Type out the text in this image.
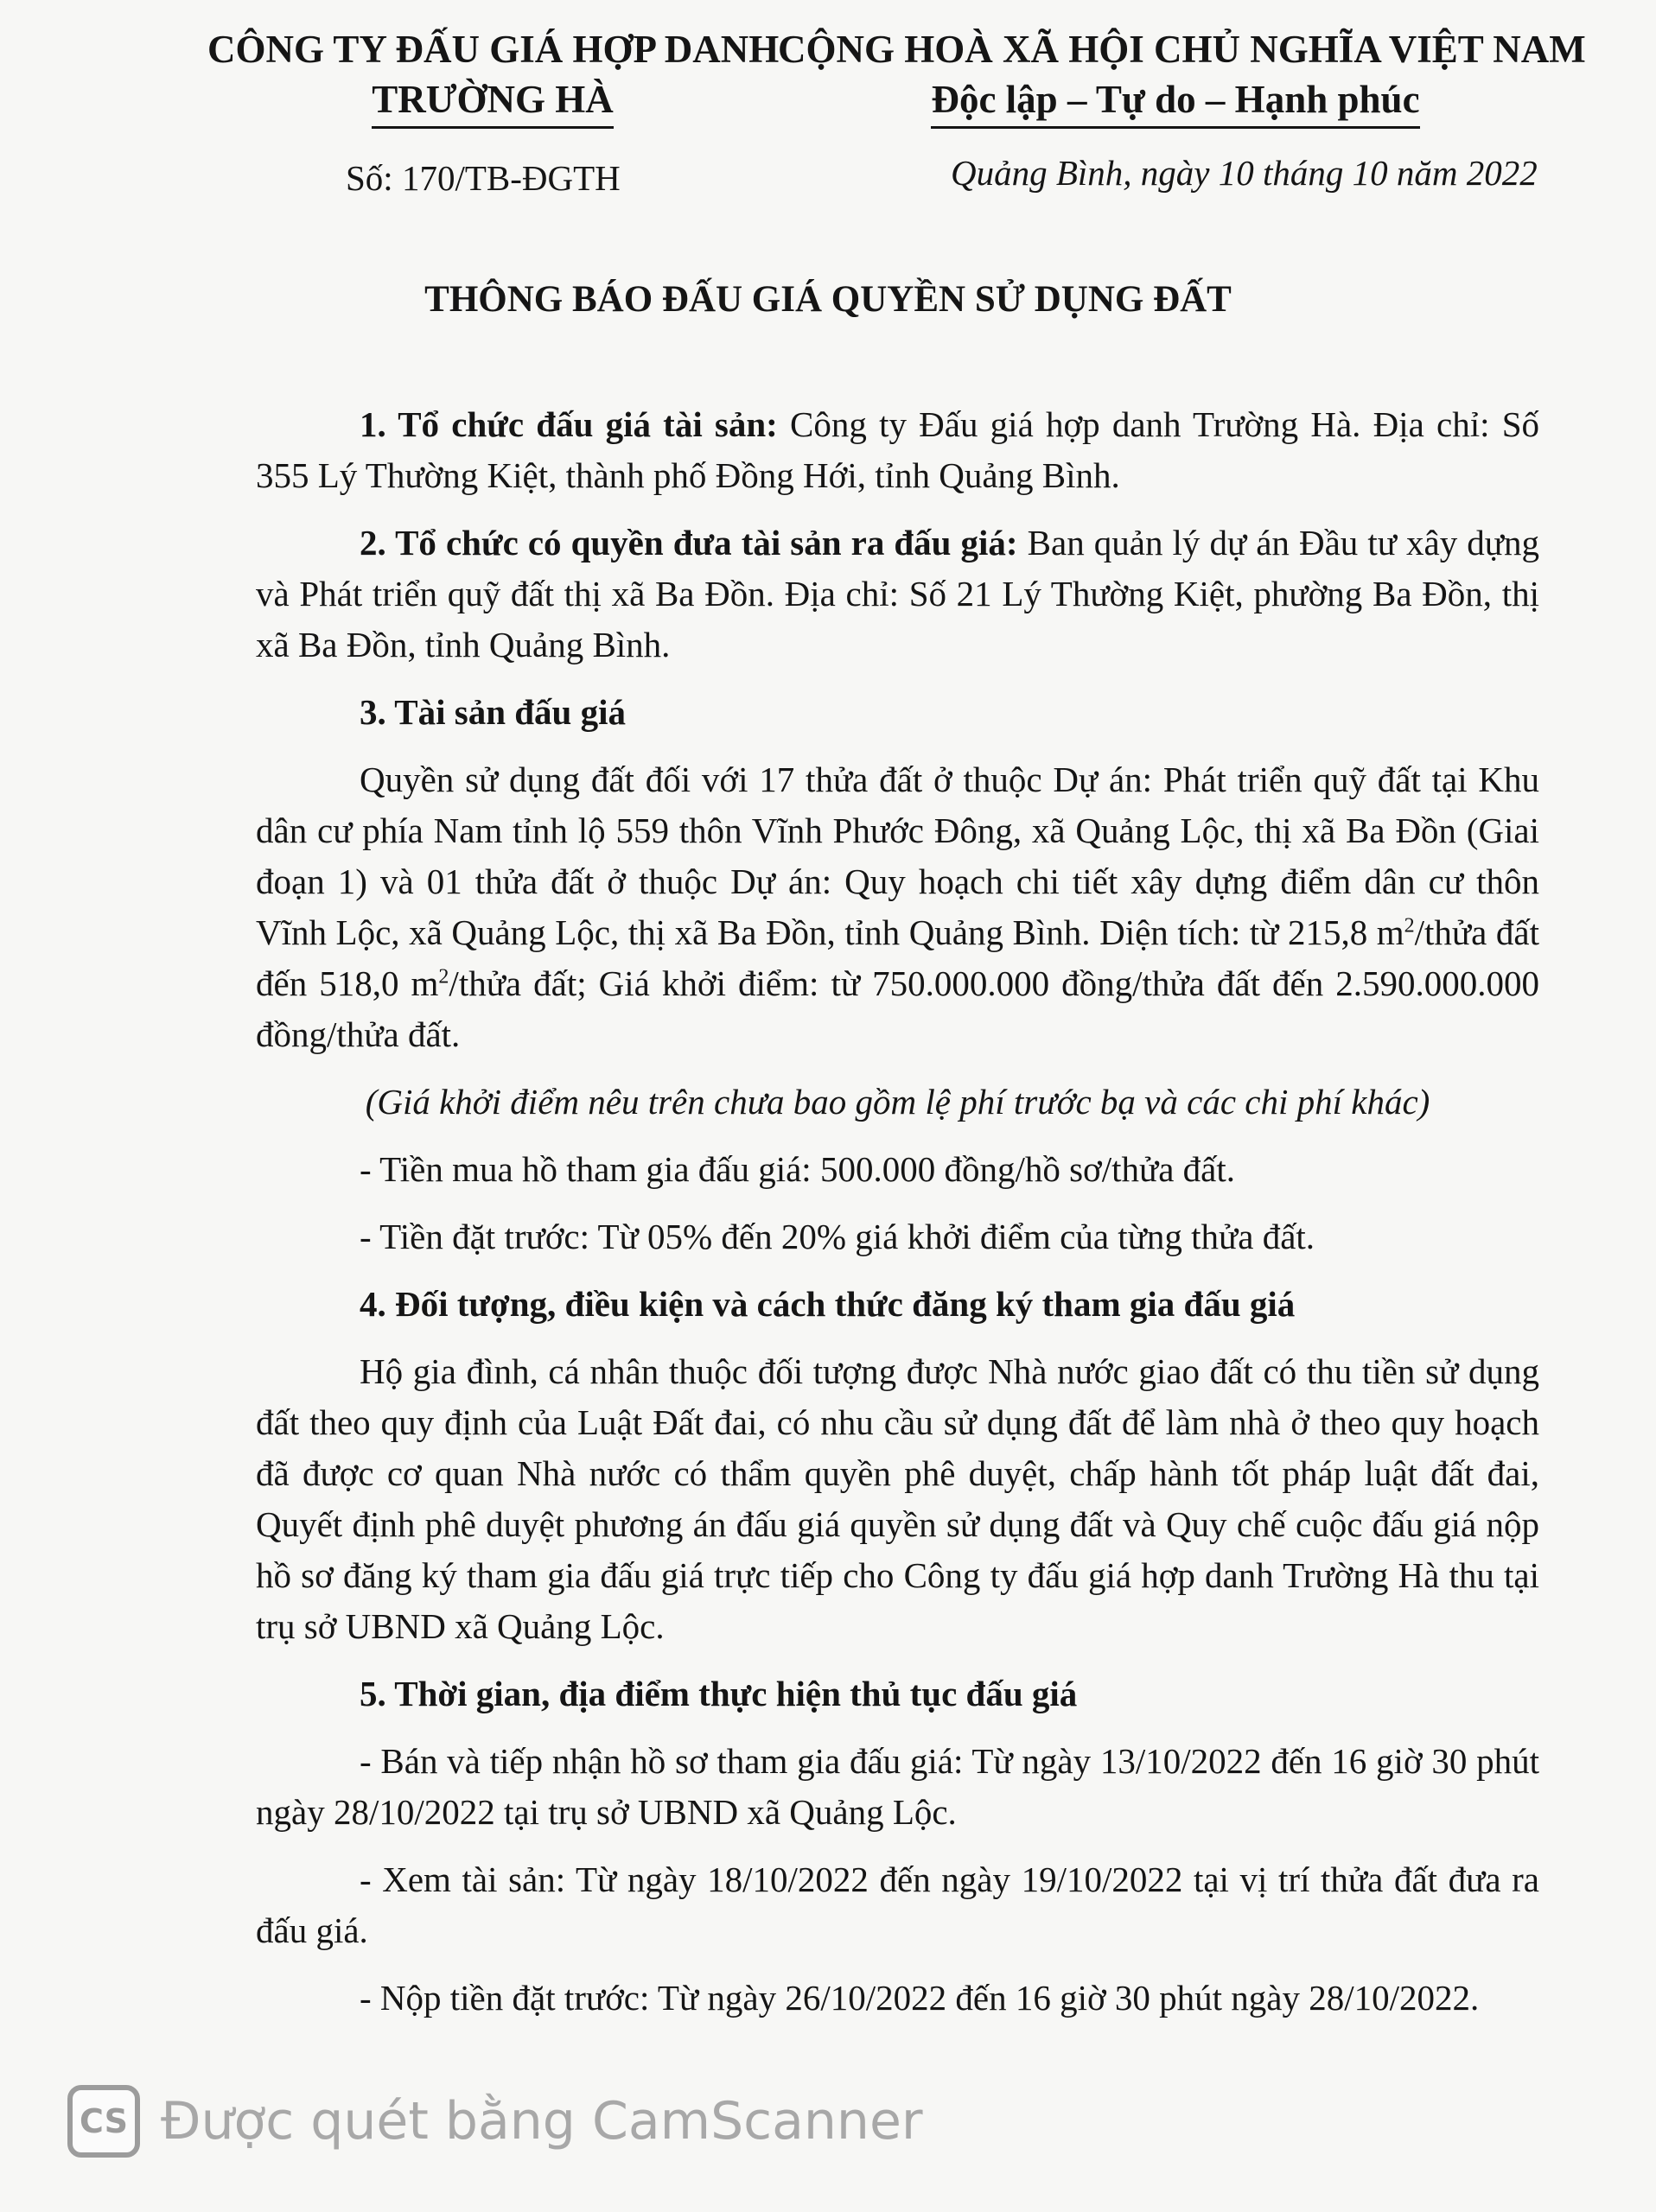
CÔNG TY ĐẤU GIÁ HỢP DANH
TRƯỜNG HÀ
CỘNG HOÀ XÃ HỘI CHỦ NGHĨA VIỆT NAM
Độc lập – Tự do – Hạnh phúc
Số: 170/TB-ĐGTH	Quảng Bình, ngày 10 tháng 10 năm 2022
THÔNG BÁO ĐẤU GIÁ QUYỀN SỬ DỤNG ĐẤT

1. Tổ chức đấu giá tài sản: Công ty Đấu giá hợp danh Trường Hà. Địa chỉ: Số 355 Lý Thường Kiệt, thành phố Đồng Hới, tỉnh Quảng Bình.

2. Tổ chức có quyền đưa tài sản ra đấu giá: Ban quản lý dự án Đầu tư xây dựng và Phát triển quỹ đất thị xã Ba Đồn. Địa chỉ: Số 21 Lý Thường Kiệt, phường Ba Đồn, thị xã Ba Đồn, tỉnh Quảng Bình.

3. Tài sản đấu giá

Quyền sử dụng đất đối với 17 thửa đất ở thuộc Dự án: Phát triển quỹ đất tại Khu dân cư phía Nam tỉnh lộ 559 thôn Vĩnh Phước Đông, xã Quảng Lộc, thị xã Ba Đồn (Giai đoạn 1) và 01 thửa đất ở thuộc Dự án: Quy hoạch chi tiết xây dựng điểm dân cư thôn Vĩnh Lộc, xã Quảng Lộc, thị xã Ba Đồn, tỉnh Quảng Bình. Diện tích: từ 215,8 $m^2$/thửa đất đến 518,0 $m^2$/thửa đất; Giá khởi điểm: từ 750.000.000 đồng/thửa đất đến 2.590.000.000 đồng/thửa đất.

(Giá khởi điểm nêu trên chưa bao gồm lệ phí trước bạ và các chi phí khác)

- Tiền mua hồ tham gia đấu giá: 500.000 đồng/hồ sơ/thửa đất.

- Tiền đặt trước: Từ 05% đến 20% giá khởi điểm của từng thửa đất.

4. Đối tượng, điều kiện và cách thức đăng ký tham gia đấu giá

Hộ gia đình, cá nhân thuộc đối tượng được Nhà nước giao đất có thu tiền sử dụng đất theo quy định của Luật Đất đai, có nhu cầu sử dụng đất để làm nhà ở theo quy hoạch đã được cơ quan Nhà nước có thẩm quyền phê duyệt, chấp hành tốt pháp luật đất đai, Quyết định phê duyệt phương án đấu giá quyền sử dụng đất và Quy chế cuộc đấu giá nộp hồ sơ đăng ký tham gia đấu giá trực tiếp cho Công ty đấu giá hợp danh Trường Hà thu tại trụ sở UBND xã Quảng Lộc.

5. Thời gian, địa điểm thực hiện thủ tục đấu giá

- Bán và tiếp nhận hồ sơ tham gia đấu giá: Từ ngày 13/10/2022 đến 16 giờ 30 phút ngày 28/10/2022 tại trụ sở UBND xã Quảng Lộc.

- Xem tài sản: Từ ngày 18/10/2022 đến ngày 19/10/2022 tại vị trí thửa đất đưa ra đấu giá.

- Nộp tiền đặt trước: Từ ngày 26/10/2022 đến 16 giờ 30 phút ngày 28/10/2022.

CS Được quét bằng CamScanner
